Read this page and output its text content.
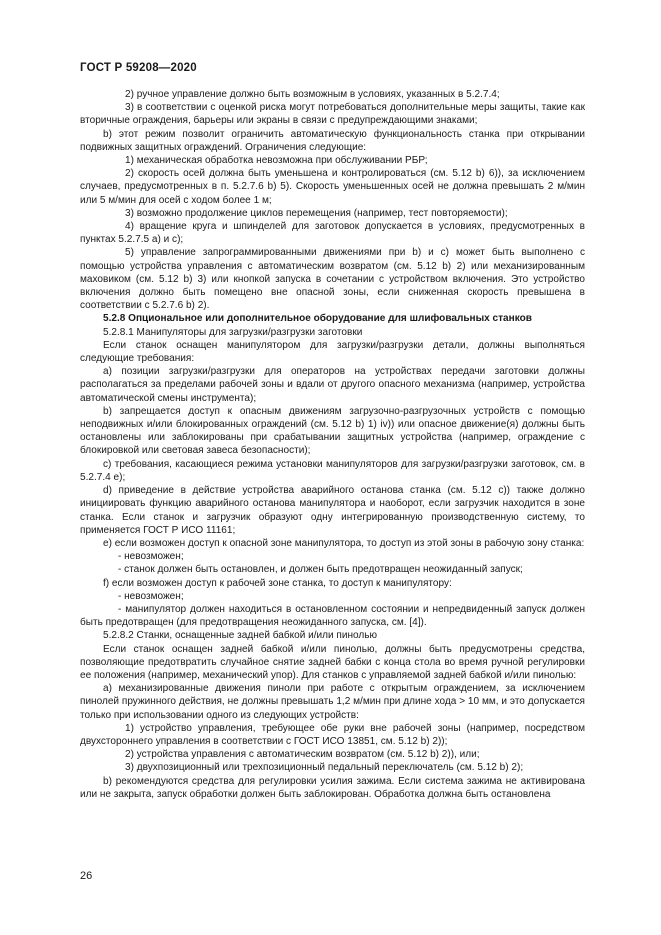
ГОСТ Р 59208—2020

2) ручное управление должно быть возможным в условиях, указанных в 5.2.7.4;

3) в соответствии с оценкой риска могут потребоваться дополнительные меры защиты, такие как вторичные ограждения, барьеры или экраны в связи с предупреждающими знаками;

b) этот режим позволит ограничить автоматическую функциональность станка при открывании подвижных защитных ограждений. Ограничения следующие:

1) механическая обработка невозможна при обслуживании РБР;

2) скорость осей должна быть уменьшена и контролироваться (см. 5.12 b) 6)), за исключением случаев, предусмотренных в п. 5.2.7.6 b) 5). Скорость уменьшенных осей не должна превышать 2 м/мин или 5 м/мин для осей с ходом более 1 м;

3) возможно продолжение циклов перемещения (например, тест повторяемости);

4) вращение круга и шпинделей для заготовок допускается в условиях, предусмотренных в пунктах 5.2.7.5 а) и с);

5) управление запрограммированными движениями при b) и с) может быть выполнено с помощью устройства управления с автоматическим возвратом (см. 5.12 b) 2) или механизированным маховиком (см. 5.12 b) 3) или кнопкой запуска в сочетании с устройством включения. Это устройство включения должно быть помещено вне опасной зоны, если сниженная скорость превышена в соответствии с 5.2.7.6 b) 2).

5.2.8 Опциональное или дополнительное оборудование для шлифовальных станков

5.2.8.1 Манипуляторы для загрузки/разгрузки заготовки

Если станок оснащен манипулятором для загрузки/разгрузки детали, должны выполняться следующие требования:

а) позиции загрузки/разгрузки для операторов на устройствах передачи заготовки должны располагаться за пределами рабочей зоны и вдали от другого опасного механизма (например, устройства автоматической смены инструмента);

b) запрещается доступ к опасным движениям загрузочно-разгрузочных устройств с помощью неподвижных и/или блокированных ограждений (см. 5.12 b) 1) iv)) или опасное движение(я) должны быть остановлены или заблокированы при срабатывании защитных устройства (например, ограждение с блокировкой или световая завеса безопасности);

с) требования, касающиеся режима установки манипуляторов для загрузки/разгрузки заготовок, см. в 5.2.7.4 е);

d) приведение в действие устройства аварийного останова станка (см. 5.12 с)) также должно инициировать функцию аварийного останова манипулятора и наоборот, если загрузчик находится в зоне станка. Если станок и загрузчик образуют одну интегрированную производственную систему, то применяется ГОСТ Р ИСО 11161;

е) если возможен доступ к опасной зоне манипулятора, то доступ из этой зоны в рабочую зону станка:

- невозможен;

- станок должен быть остановлен, и должен быть предотвращен неожиданный запуск;

f) если возможен доступ к рабочей зоне станка, то доступ к манипулятору:

- невозможен;

- манипулятор должен находиться в остановленном состоянии и непредвиденный запуск должен быть предотвращен (для предотвращения неожиданного запуска, см. [4]).

5.2.8.2 Станки, оснащенные задней бабкой и/или пинолью

Если станок оснащен задней бабкой и/или пинолью, должны быть предусмотрены средства, позволяющие предотвратить случайное снятие задней бабки с конца стола во время ручной регулировки ее положения (например, механический упор). Для станков с управляемой задней бабкой и/или пинолью:

а) механизированные движения пиноли при работе с открытым ограждением, за исключением пинолей пружинного действия, не должны превышать 1,2 м/мин при длине хода > 10 мм, и это допускается только при использовании одного из следующих устройств:

1) устройство управления, требующее обе руки вне рабочей зоны (например, посредством двухстороннего управления в соответствии с ГОСТ ИСО 13851, см. 5.12 b) 2));

2) устройства управления с автоматическим возвратом (см. 5.12 b) 2)), или;

3) двухпозиционный или трехпозиционный педальный переключатель (см. 5.12 b) 2);

b) рекомендуются средства для регулировки усилия зажима. Если система зажима не активирована или не закрыта, запуск обработки должен быть заблокирован. Обработка должна быть остановлена

26
